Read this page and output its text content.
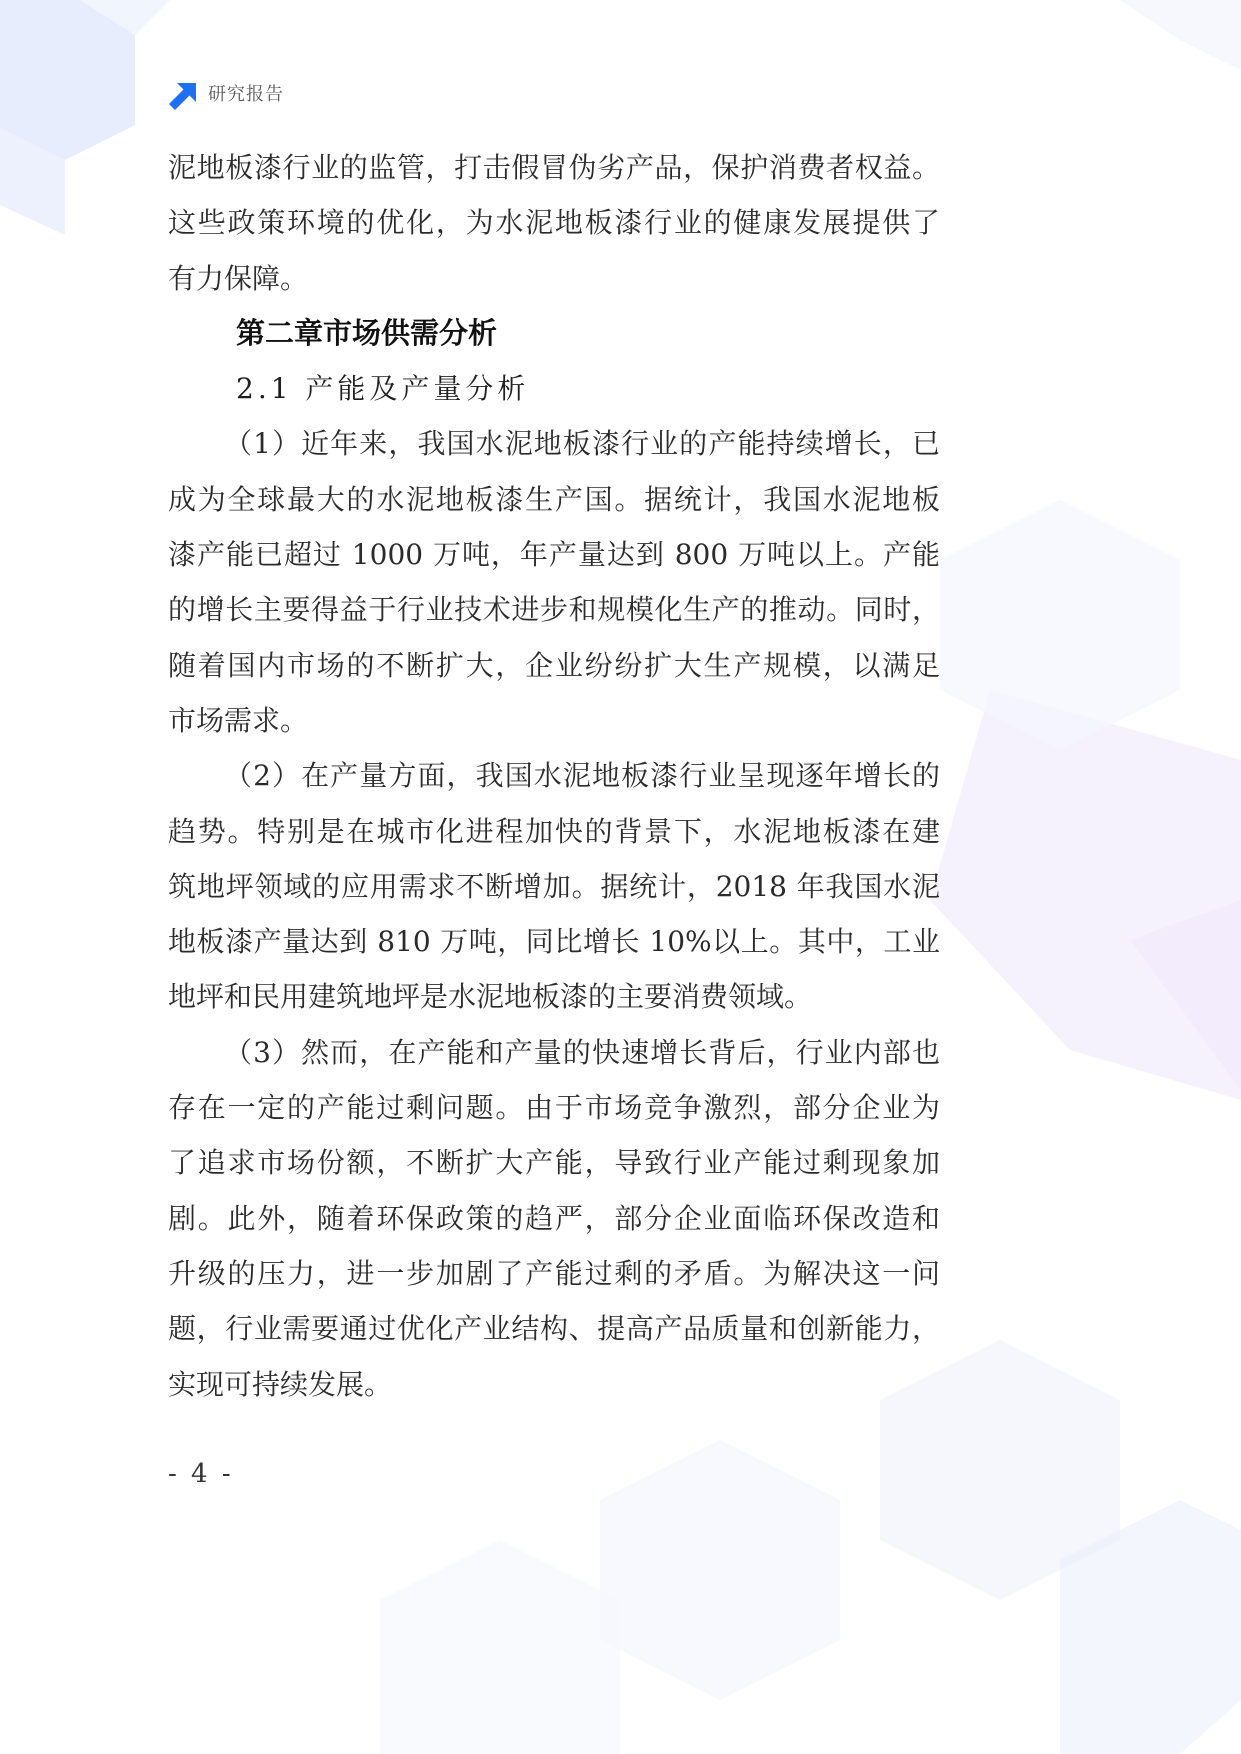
研究报告
泥地板漆行业的监管，打击假冒伪劣产品，保护消费者权益。
这些政策环境的优化，为水泥地板漆行业的健康发展提供了
有力保障。
第二章市场供需分析
2.1 产能及产量分析
（1）近年来，我国水泥地板漆行业的产能持续增长，已
成为全球最大的水泥地板漆生产国。据统计，我国水泥地板
漆产能已超过 1000 万吨，年产量达到 800 万吨以上。产能
的增长主要得益于行业技术进步和规模化生产的推动。同时，
随着国内市场的不断扩大，企业纷纷扩大生产规模，以满足
市场需求。
（2）在产量方面，我国水泥地板漆行业呈现逐年增长的
趋势。特别是在城市化进程加快的背景下，水泥地板漆在建
筑地坪领域的应用需求不断增加。据统计，2018 年我国水泥
地板漆产量达到 810 万吨，同比增长 10%以上。其中，工业
地坪和民用建筑地坪是水泥地板漆的主要消费领域。
（3）然而，在产能和产量的快速增长背后，行业内部也
存在一定的产能过剩问题。由于市场竞争激烈，部分企业为
了追求市场份额，不断扩大产能，导致行业产能过剩现象加
剧。此外，随着环保政策的趋严，部分企业面临环保改造和
升级的压力，进一步加剧了产能过剩的矛盾。为解决这一问
题，行业需要通过优化产业结构、提高产品质量和创新能力，
实现可持续发展。
- 4 -
